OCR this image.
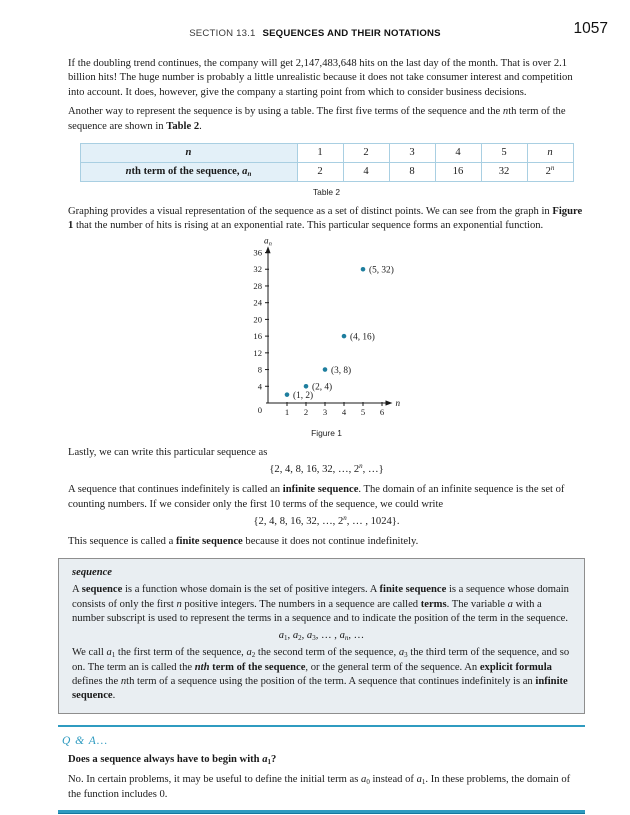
SECTION 13.1 SEQUENCES AND THEIR NOTATIONS	1057

If the doubling trend continues, the company will get 2,147,483,648 hits on the last day of the month. That is over 2.1 billion hits! The huge number is probably a little unrealistic because it does not take consumer interest and competition into account. It does, however, give the company a starting point from which to consider business decisions.

Another way to represent the sequence is by using a table. The first five terms of the sequence and the nth term of the sequence are shown in Table 2.

n	1	2	3	4	5	n
nth term of the sequence, an	2	4	8	16	32	2$^n$
Table 2

Graphing provides a visual representation of the sequence as a set of distinct points. We can see from the graph in Figure 1 that the number of hits is rising at an exponential rate. This particular sequence forms an exponential function.

4
8
12
16
20
24
28
32
36
1 2 3 4 5 6
0
$a_n$
n
(1, 2)
(2, 4)
(3, 8)
(4, 16)
(5, 32)
Figure 1

Lastly, we can write this particular sequence as

{2, 4, 8, 16, 32, …, 2$^n$, …}

A sequence that continues indefinitely is called an infinite sequence. The domain of an infinite sequence is the set of counting numbers. If we consider only the first 10 terms of the sequence, we could write

{2, 4, 8, 16, 32, …, 2$^n$, … , 1024}.

This sequence is called a finite sequence because it does not continue indefinitely.

sequence

A sequence is a function whose domain is the set of positive integers. A finite sequence is a sequence whose domain consists of only the first n positive integers. The numbers in a sequence are called terms. The variable a with a number subscript is used to represent the terms in a sequence and to indicate the position of the term in the sequence.

a1, a2, a3, … , an, …

We call a1 the first term of the sequence, a2 the second term of the sequence, a3 the third term of the sequence, and so on. The term an is called the nth term of the sequence, or the general term of the sequence. An explicit formula defines the nth term of a sequence using the position of the term. A sequence that continues indefinitely is an infinite sequence.

Q & A…

Does a sequence always have to begin with a1?

No. In certain problems, it may be useful to define the initial term as a0 instead of a1. In these problems, the domain of the function includes 0.
